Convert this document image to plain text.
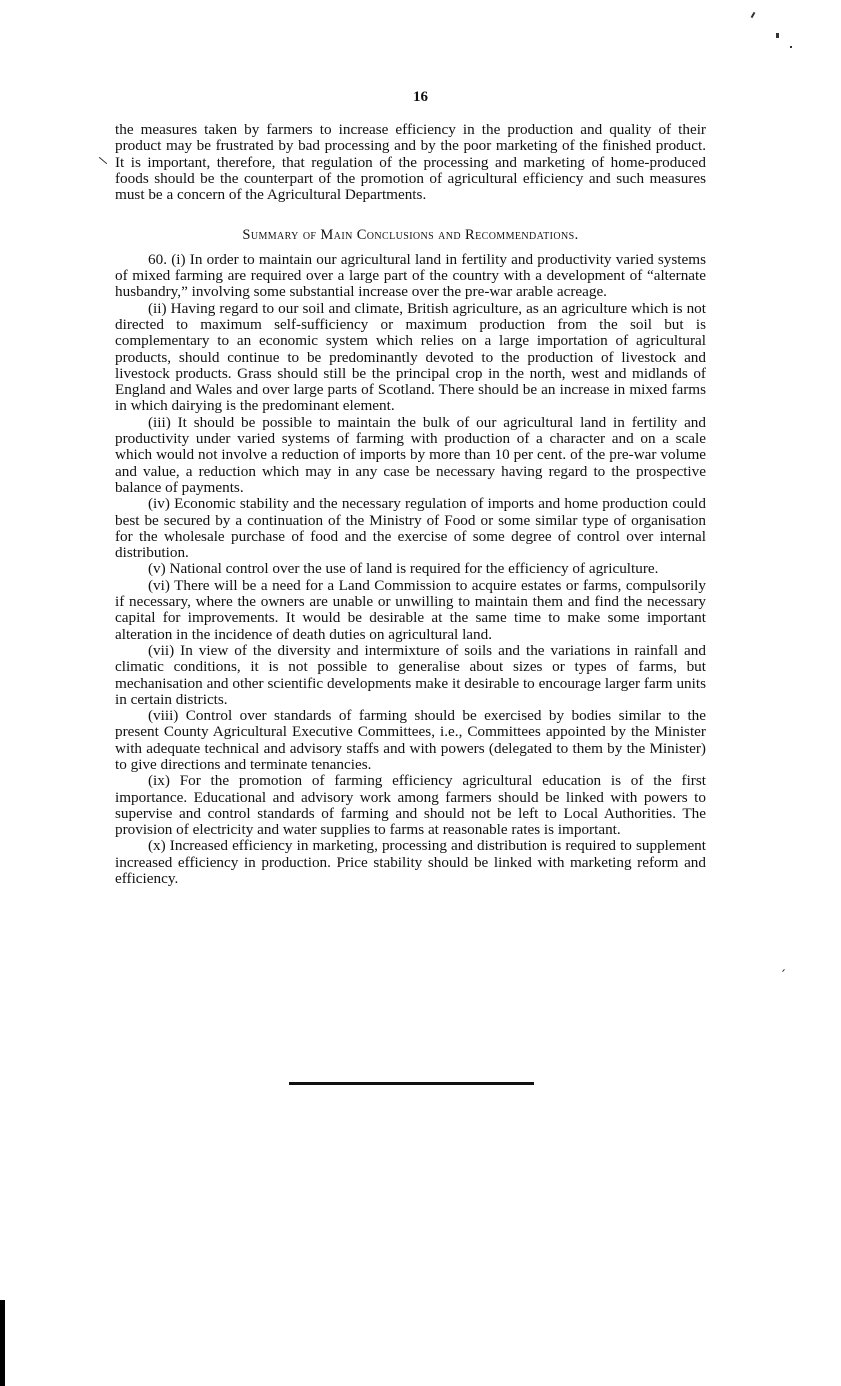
16

the measures taken by farmers to increase efficiency in the production and quality of their product may be frustrated by bad processing and by the poor marketing of the finished product. It is important, therefore, that regulation of the processing and marketing of home-produced foods should be the counterpart of the promotion of agricultural efficiency and such measures must be a concern of the Agricultural Departments.

Summary of Main Conclusions and Recommendations.

60. (i) In order to maintain our agricultural land in fertility and productivity varied systems of mixed farming are required over a large part of the country with a development of “alternate husbandry,” involving some substantial increase over the pre-war arable acreage.

(ii) Having regard to our soil and climate, British agriculture, as an agriculture which is not directed to maximum self-sufficiency or maximum production from the soil but is complementary to an economic system which relies on a large importation of agricultural products, should continue to be predominantly devoted to the production of livestock and livestock products. Grass should still be the principal crop in the north, west and midlands of England and Wales and over large parts of Scotland. There should be an increase in mixed farms in which dairying is the predominant element.

(iii) It should be possible to maintain the bulk of our agricultural land in fertility and productivity under varied systems of farming with production of a character and on a scale which would not involve a reduction of imports by more than 10 per cent. of the pre-war volume and value, a reduction which may in any case be necessary having regard to the prospective balance of payments.

(iv) Economic stability and the necessary regulation of imports and home production could best be secured by a continuation of the Ministry of Food or some similar type of organisation for the wholesale purchase of food and the exercise of some degree of control over internal distribution.

(v) National control over the use of land is required for the efficiency of agriculture.

(vi) There will be a need for a Land Commission to acquire estates or farms, compulsorily if necessary, where the owners are unable or unwilling to maintain them and find the necessary capital for improvements. It would be desirable at the same time to make some important alteration in the incidence of death duties on agricultural land.

(vii) In view of the diversity and intermixture of soils and the variations in rainfall and climatic conditions, it is not possible to generalise about sizes or types of farms, but mechanisation and other scientific developments make it desirable to encourage larger farm units in certain districts.

(viii) Control over standards of farming should be exercised by bodies similar to the present County Agricultural Executive Committees, i.e., Committees appointed by the Minister with adequate technical and advisory staffs and with powers (delegated to them by the Minister) to give directions and terminate tenancies.

(ix) For the promotion of farming efficiency agricultural education is of the first importance. Educational and advisory work among farmers should be linked with powers to supervise and control standards of farming and should not be left to Local Authorities. The provision of electricity and water supplies to farms at reasonable rates is important.

(x) Increased efficiency in marketing, processing and distribution is required to supplement increased efficiency in production. Price stability should be linked with marketing reform and efficiency.
